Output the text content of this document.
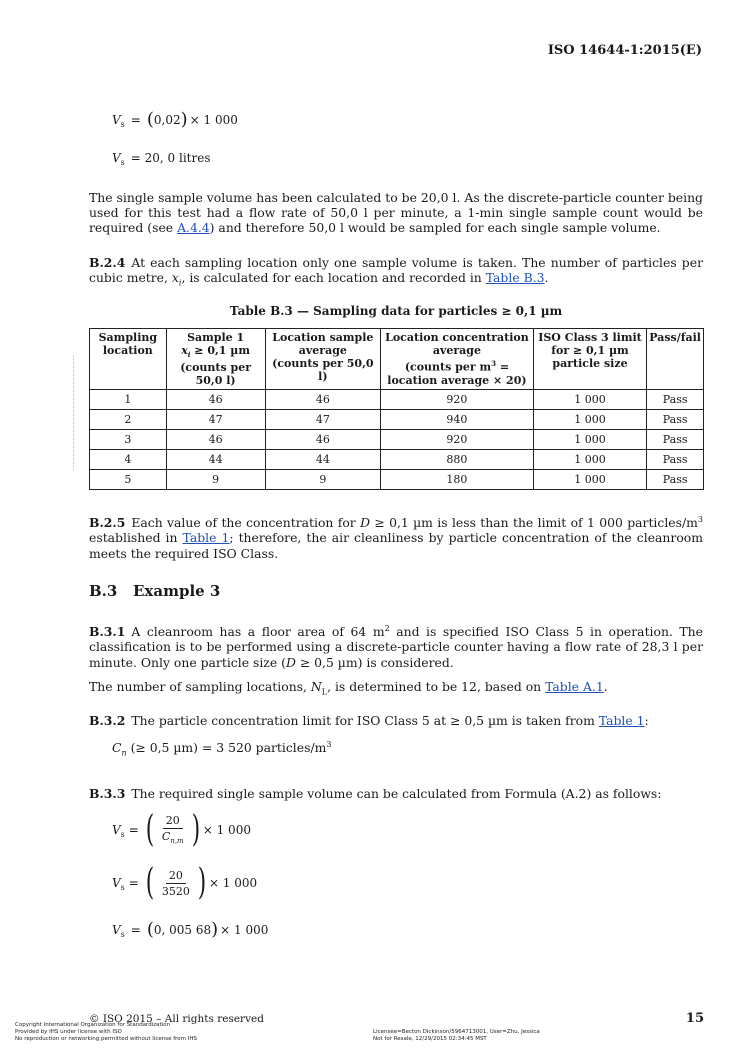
ISO 14644-1:2015(E)
V s = ( 0,02 ) × 1 000
V s = 20, 0 litres
The single sample volume has been calculated to be 20,0 l. As the discrete-particle counter being used for this test had a flow rate of 50,0 l per minute, a 1-min single sample count would be required (see A.4.4) and therefore 50,0 l would be sampled for each single sample volume.
B.2.4 At each sampling location only one sample volume is taken. The number of particles per cubic metre, $x_i$, is calculated for each location and recorded in Table B.3.
Table B.3 — Sampling data for particles ≥ 0,1 µm
Sampling
location	Sample 1
$x_i \ge 0,1$ µm
(counts per
50,0 l)	Location sample
average
(counts per 50,0 l)	Location concentration
average
(counts per $m^3$ =
location average × 20)	ISO Class 3 limit
for ≥ 0,1 µm
particle size	Pass/fail
1	46	46	920	1 000	Pass
2	47	47	940	1 000	Pass
3	46	46	920	1 000	Pass
4	44	44	880	1 000	Pass
5	9	9	180	1 000	Pass
B.2.5 Each value of the concentration for D ≥ 0,1 µm is less than the limit of 1 000 particles/$m^3$ established in Table 1; therefore, the air cleanliness by particle concentration of the cleanroom meets the required ISO Class.
B.3   Example 3
B.3.1 A cleanroom has a floor area of 64 $m^2$ and is specified ISO Class 5 in operation. The classification is to be performed using a discrete-particle counter having a flow rate of 28,3 l per minute. Only one particle size (D ≥ 0,5 µm) is considered.
The number of sampling locations, $N_L$, is determined to be 12, based on Table A.1.
B.3.2 The particle concentration limit for ISO Class 5 at ≥ 0,5 µm is taken from Table 1:
$C_n$ (≥ 0,5 µm) = 3 520 particles/$m^3$
B.3.3 The required single sample volume can be calculated from Formula (A.2) as follows:
V s = ( $\frac{20}{C_{n,m}}$ ) × 1 000
V s = ( $\frac{20}{3520}$ ) × 1 000
V s = ( 0, 005 68 ) × 1 000
© ISO 2015 – All rights reserved	15
Copyright International Organization for Standardization
Provided by IHS under license with ISO
No reproduction or networking permitted without license from IHS
Licensee=Becton Dickinson/5964713001, User=Zhu, Jessica
Not for Resale, 12/29/2015 02:34:45 MST
